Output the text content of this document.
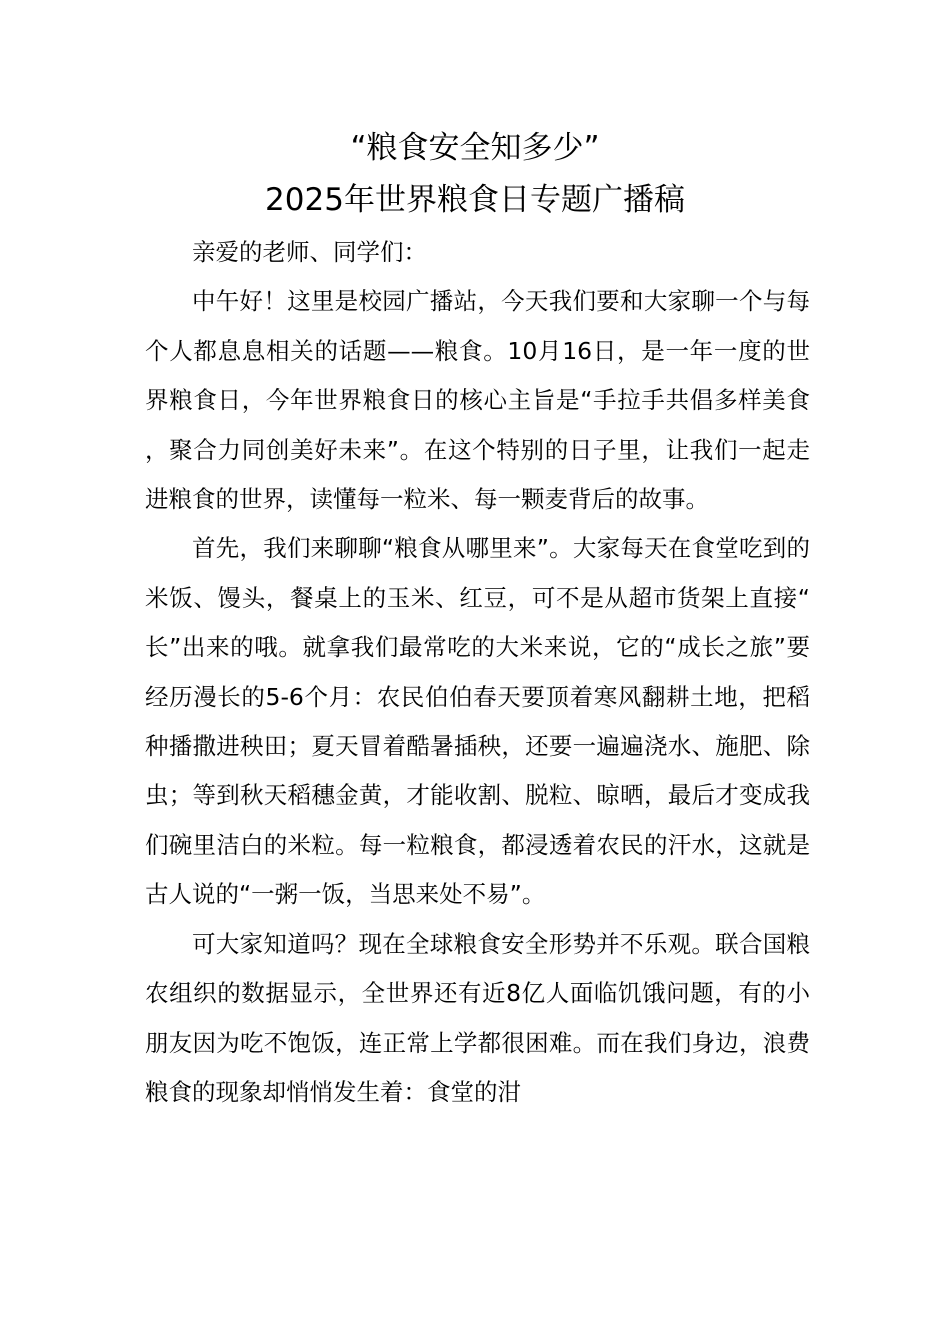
“粮食安全知多少”
2025年世界粮食日专题广播稿

亲爱的老师、同学们：

中午好！这里是校园广播站，今天我们要和大家聊一个与每个人都息息相关的话题——粮食。10月16日，是一年一度的世界粮食日，今年世界粮食日的核心主旨是“手拉手共倡多样美食，聚合力同创美好未来”。在这个特别的日子里，让我们一起走进粮食的世界，读懂每一粒米、每一颗麦背后的故事。

首先，我们来聊聊“粮食从哪里来”。大家每天在食堂吃到的米饭、馒头，餐桌上的玉米、红豆，可不是从超市货架上直接“长”出来的哦。就拿我们最常吃的大米来说，它的“成长之旅”要经历漫长的5-6个月：农民伯伯春天要顶着寒风翻耕土地，把稻种播撒进秧田；夏天冒着酷暑插秧，还要一遍遍浇水、施肥、除虫；等到秋天稻穗金黄，才能收割、脱粒、晾晒，最后才变成我们碗里洁白的米粒。每一粒粮食，都浸透着农民的汗水，这就是古人说的“一粥一饭，当思来处不易”。

可大家知道吗？现在全球粮食安全形势并不乐观。联合国粮农组织的数据显示，全世界还有近8亿人面临饥饿问题，有的小朋友因为吃不饱饭，连正常上学都很困难。而在我们身边，浪费粮食的现象却悄悄发生着：食堂的泔
